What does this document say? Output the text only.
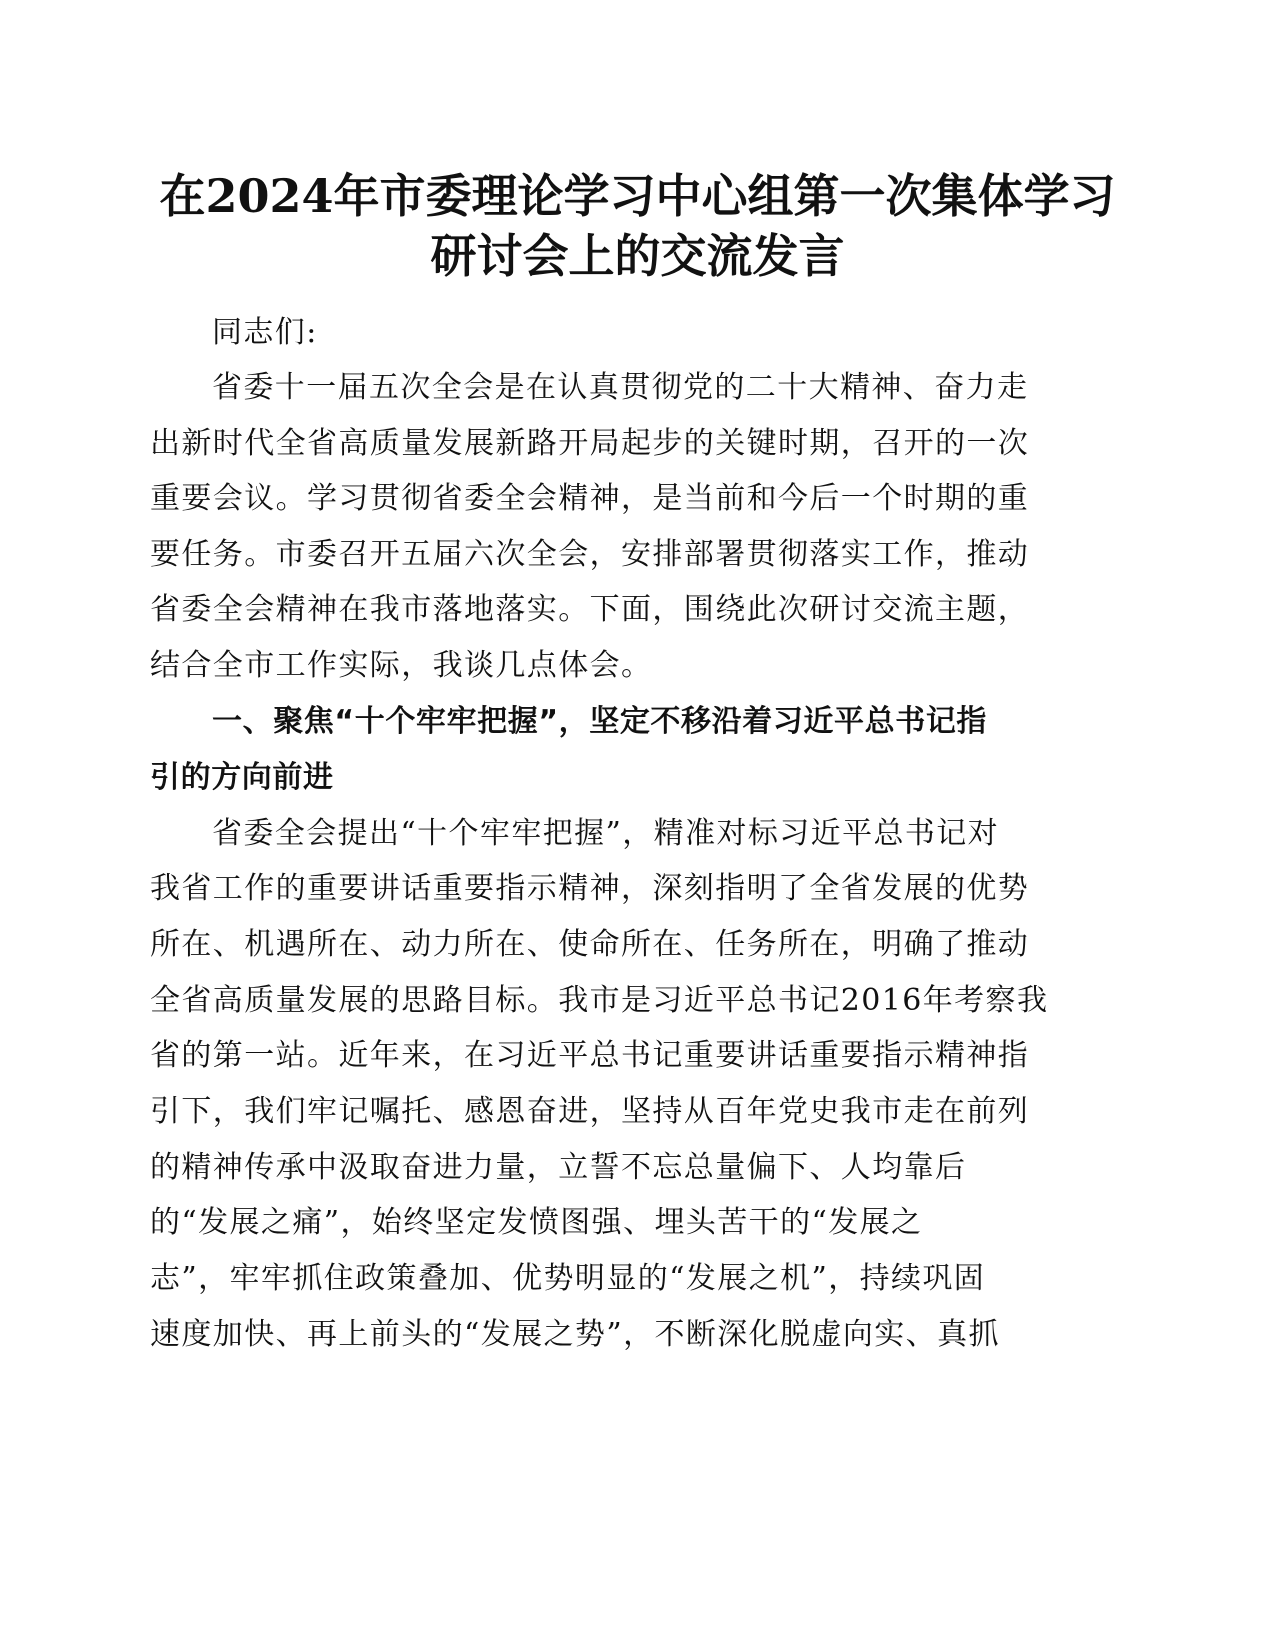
在2024年市委理论学习中心组第一次集体学习
研讨会上的交流发言
同志们:
省委十一届五次全会是在认真贯彻党的二十大精神、奋力走
出新时代全省高质量发展新路开局起步的关键时期，召开的一次
重要会议。学习贯彻省委全会精神，是当前和今后一个时期的重
要任务。市委召开五届六次全会，安排部署贯彻落实工作，推动
省委全会精神在我市落地落实。下面，围绕此次研讨交流主题，
结合全市工作实际，我谈几点体会。
一、聚焦“十个牢牢把握”，坚定不移沿着习近平总书记指
引的方向前进
省委全会提出“十个牢牢把握”，精准对标习近平总书记对
我省工作的重要讲话重要指示精神，深刻指明了全省发展的优势
所在、机遇所在、动力所在、使命所在、任务所在，明确了推动
全省高质量发展的思路目标。我市是习近平总书记2016年考察我
省的第一站。近年来，在习近平总书记重要讲话重要指示精神指
引下，我们牢记嘱托、感恩奋进，坚持从百年党史我市走在前列
的精神传承中汲取奋进力量，立誓不忘总量偏下、人均靠后
的“发展之痛”，始终坚定发愤图强、埋头苦干的“发展之
志”，牢牢抓住政策叠加、优势明显的“发展之机”，持续巩固
速度加快、再上前头的“发展之势”，不断深化脱虚向实、真抓
